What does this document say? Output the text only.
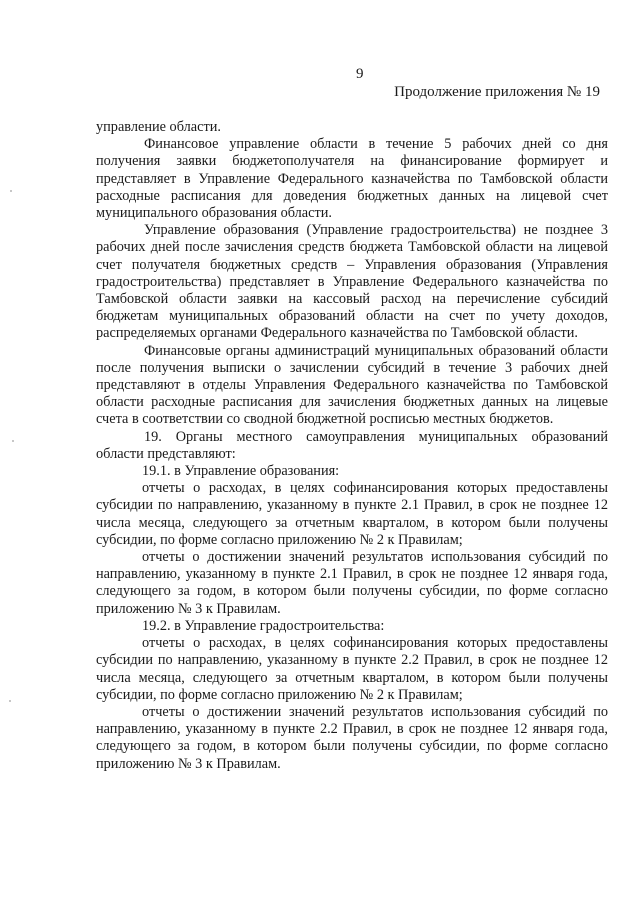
9
Продолжение приложения № 19

управление области.

Финансовое управление области в течение 5 рабочих дней со дня получения заявки бюджетополучателя на финансирование формирует и представляет в Управление Федерального казначейства по Тамбовской области расходные расписания для доведения бюджетных данных на лицевой счет муниципального образования области.

Управление образования (Управление градостроительства) не позднее 3 рабочих дней после зачисления средств бюджета Тамбовской области на лицевой счет получателя бюджетных средств – Управления образования (Управления градостроительства) представляет в Управление Федерального казначейства по Тамбовской области заявки на кассовый расход на перечисление субсидий бюджетам муниципальных образований области на счет по учету доходов, распределяемых органами Федерального казначейства по Тамбовской области.

Финансовые органы администраций муниципальных образований области после получения выписки о зачислении субсидий в течение 3 рабочих дней представляют в отделы Управления Федерального казначейства по Тамбовской области расходные расписания для зачисления бюджетных данных на лицевые счета в соответствии со сводной бюджетной росписью местных бюджетов.

19. Органы местного самоуправления муниципальных образований области представляют:

19.1. в Управление образования:

отчеты о расходах, в целях софинансирования которых предоставлены субсидии по направлению, указанному в пункте 2.1 Правил, в срок не позднее 12 числа месяца, следующего за отчетным кварталом, в котором были получены субсидии, по форме согласно приложению № 2 к Правилам;

отчеты о достижении значений результатов использования субсидий по направлению, указанному в пункте 2.1 Правил, в срок не позднее 12 января года, следующего за годом, в котором были получены субсидии, по форме согласно приложению № 3 к Правилам.

19.2. в Управление градостроительства:

отчеты о расходах, в целях софинансирования которых предоставлены субсидии по направлению, указанному в пункте 2.2 Правил, в срок не позднее 12 числа месяца, следующего за отчетным кварталом, в котором были получены субсидии, по форме согласно приложению № 2 к Правилам;

отчеты о достижении значений результатов использования субсидий по направлению, указанному в пункте 2.2 Правил, в срок не позднее 12 января года, следующего за годом, в котором были получены субсидии, по форме согласно приложению № 3 к Правилам.
